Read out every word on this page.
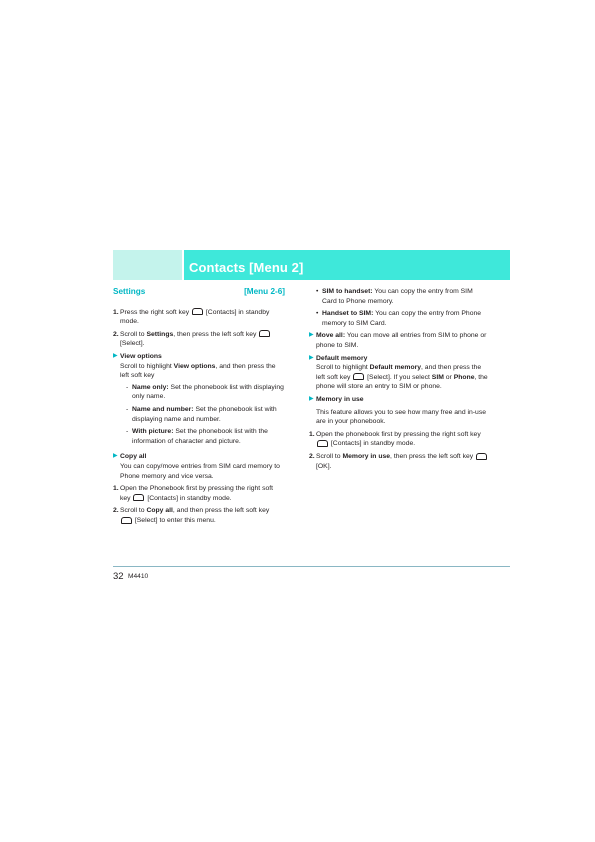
Contacts [Menu 2]
Settings	[Menu 2-6]
1. Press the right soft key [Contacts] in standby mode.
2. Scroll to Settings, then press the left soft key
[Select].
▶ View options
Scroll to highlight View options, and then press the left soft key
- Name only: Set the phonebook list with displaying only name.
- Name and number: Set the phonebook list with displaying name and number.
- With picture: Set the phonebook list with the information of character and picture.
▶ Copy all
You can copy/move entries from SIM card memory to Phone memory and vice versa.
1. Open the Phonebook first by pressing the right soft key [Contacts] in standby mode.
2. Scroll to Copy all, and then press the left soft key
[Select] to enter this menu.
• SIM to handset: You can copy the entry from SIM Card to Phone memory.
• Handset to SIM: You can copy the entry from Phone memory to SIM Card.
▶ Move all: You can move all entries from SIM to phone or phone to SIM.
▶ Default memory
Scroll to highlight Default memory, and then press the left soft key [Select]. If you select SIM or Phone, the phone will store an entry to SIM or phone.
▶ Memory in use
This feature allows you to see how many free and in-use are in your phonebook.
1. Open the phonebook first by pressing the right soft key  [Contacts] in standby mode.
2. Scroll to Memory in use, then press the left soft key  [OK].
32 M4410
